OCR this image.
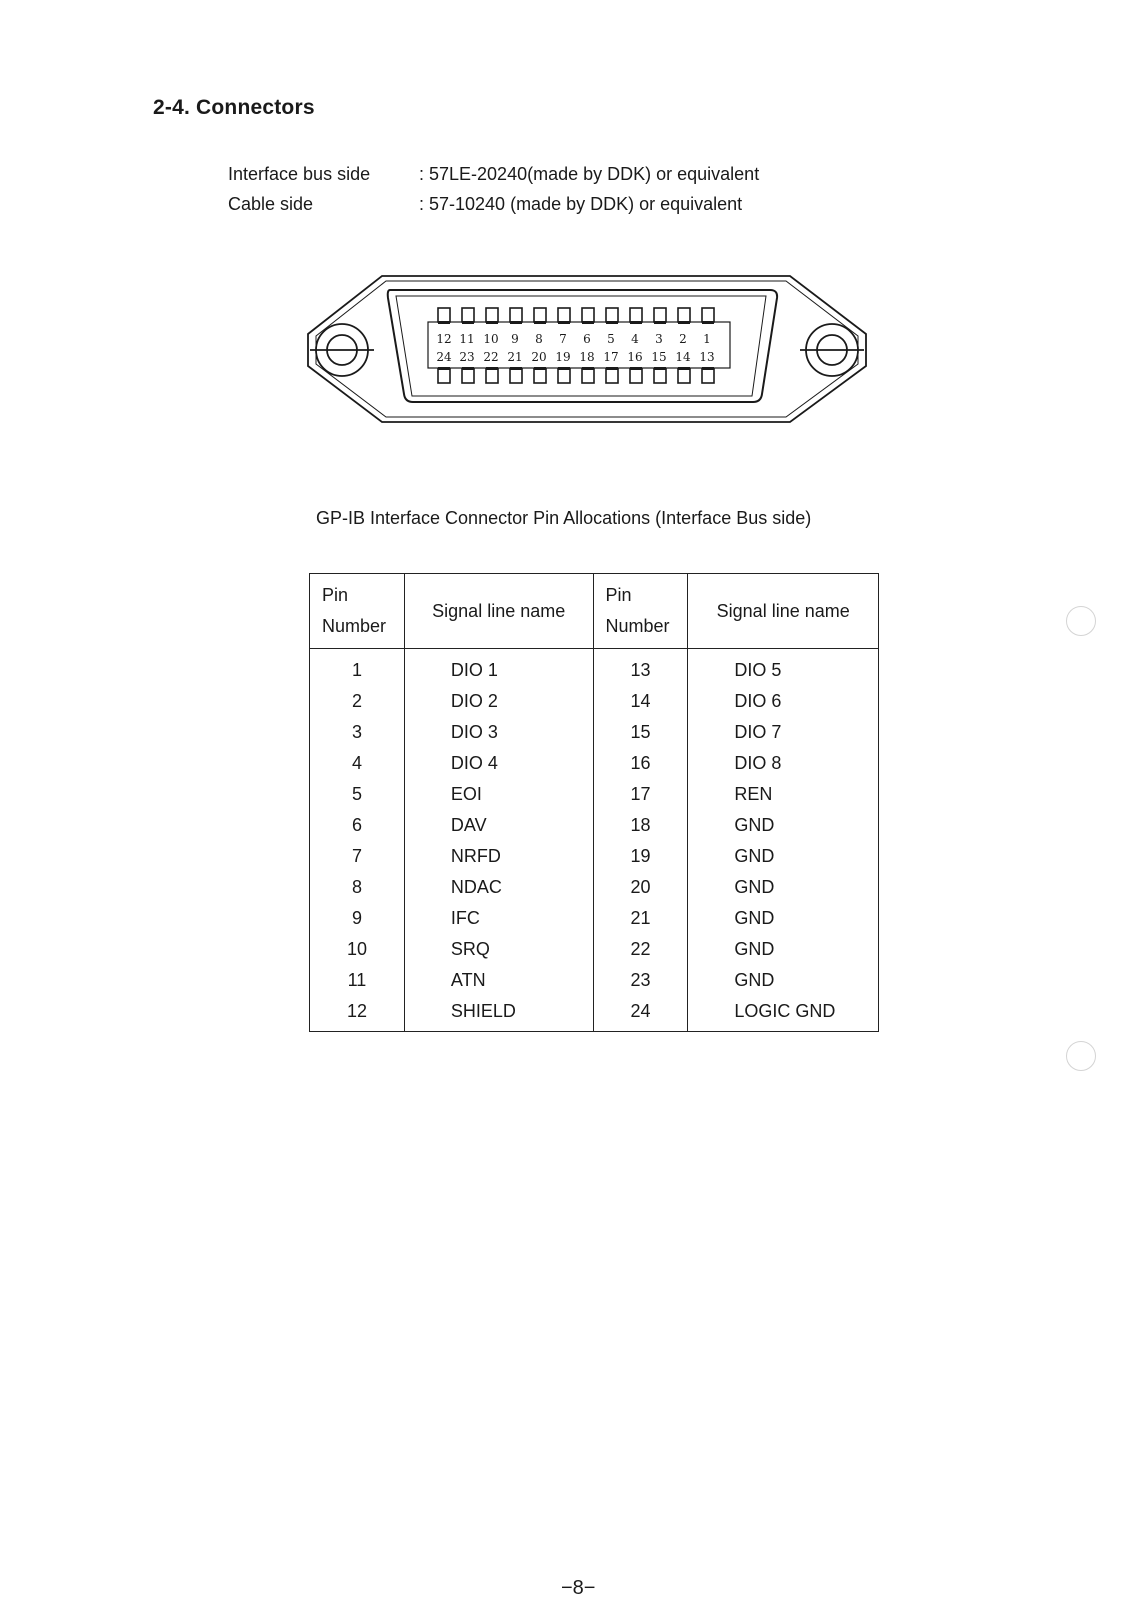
2-4. Connectors
Interface bus side	: 57LE-20240(made by DDK) or equivalent
Cable side	: 57-10240 (made by DDK) or equivalent
12 11 10 9 8 7 6 5 4 3 2 1
24 23 22 21 20 19 18 17 16 15 14 13
GP-IB Interface Connector Pin Allocations (Interface Bus side)
Pin
Number	Signal line name	Pin
Number	Signal line name
1	DIO 1	13	DIO 5
2	DIO 2	14	DIO 6
3	DIO 3	15	DIO 7
4	DIO 4	16	DIO 8
5	EOI	17	REN
6	DAV	18	GND
7	NRFD	19	GND
8	NDAC	20	GND
9	IFC	21	GND
10	SRQ	22	GND
11	ATN	23	GND
12	SHIELD	24	LOGIC GND
−8−
